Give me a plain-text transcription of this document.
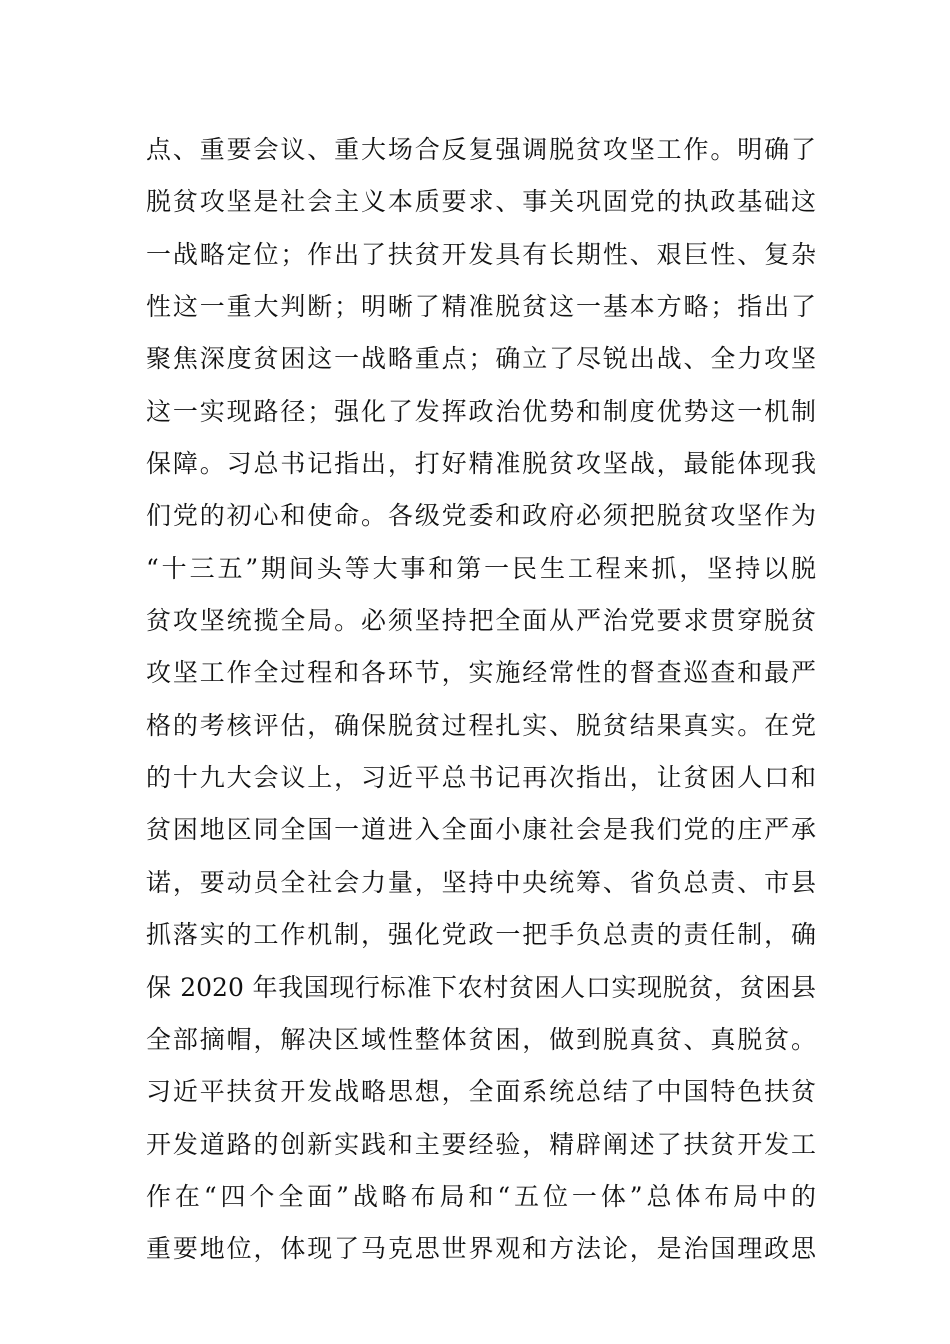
点、重要会议、重大场合反复强调脱贫攻坚工作。明确了
脱贫攻坚是社会主义本质要求、事关巩固党的执政基础这
一战略定位；作出了扶贫开发具有长期性、艰巨性、复杂
性这一重大判断；明晰了精准脱贫这一基本方略；指出了
聚焦深度贫困这一战略重点；确立了尽锐出战、全力攻坚
这一实现路径；强化了发挥政治优势和制度优势这一机制
保障。习总书记指出，打好精准脱贫攻坚战，最能体现我
们党的初心和使命。各级党委和政府必须把脱贫攻坚作为
“十三五”期间头等大事和第一民生工程来抓，坚持以脱
贫攻坚统揽全局。必须坚持把全面从严治党要求贯穿脱贫
攻坚工作全过程和各环节，实施经常性的督查巡查和最严
格的考核评估，确保脱贫过程扎实、脱贫结果真实。在党
的十九大会议上，习近平总书记再次指出，让贫困人口和
贫困地区同全国一道进入全面小康社会是我们党的庄严承
诺，要动员全社会力量，坚持中央统筹、省负总责、市县
抓落实的工作机制，强化党政一把手负总责的责任制，确
保 2020 年我国现行标准下农村贫困人口实现脱贫，贫困县
全部摘帽，解决区域性整体贫困，做到脱真贫、真脱贫。
习近平扶贫开发战略思想，全面系统总结了中国特色扶贫
开发道路的创新实践和主要经验，精辟阐述了扶贫开发工
作在“四个全面”战略布局和“五位一体”总体布局中的
重要地位，体现了马克思世界观和方法论，是治国理政思
